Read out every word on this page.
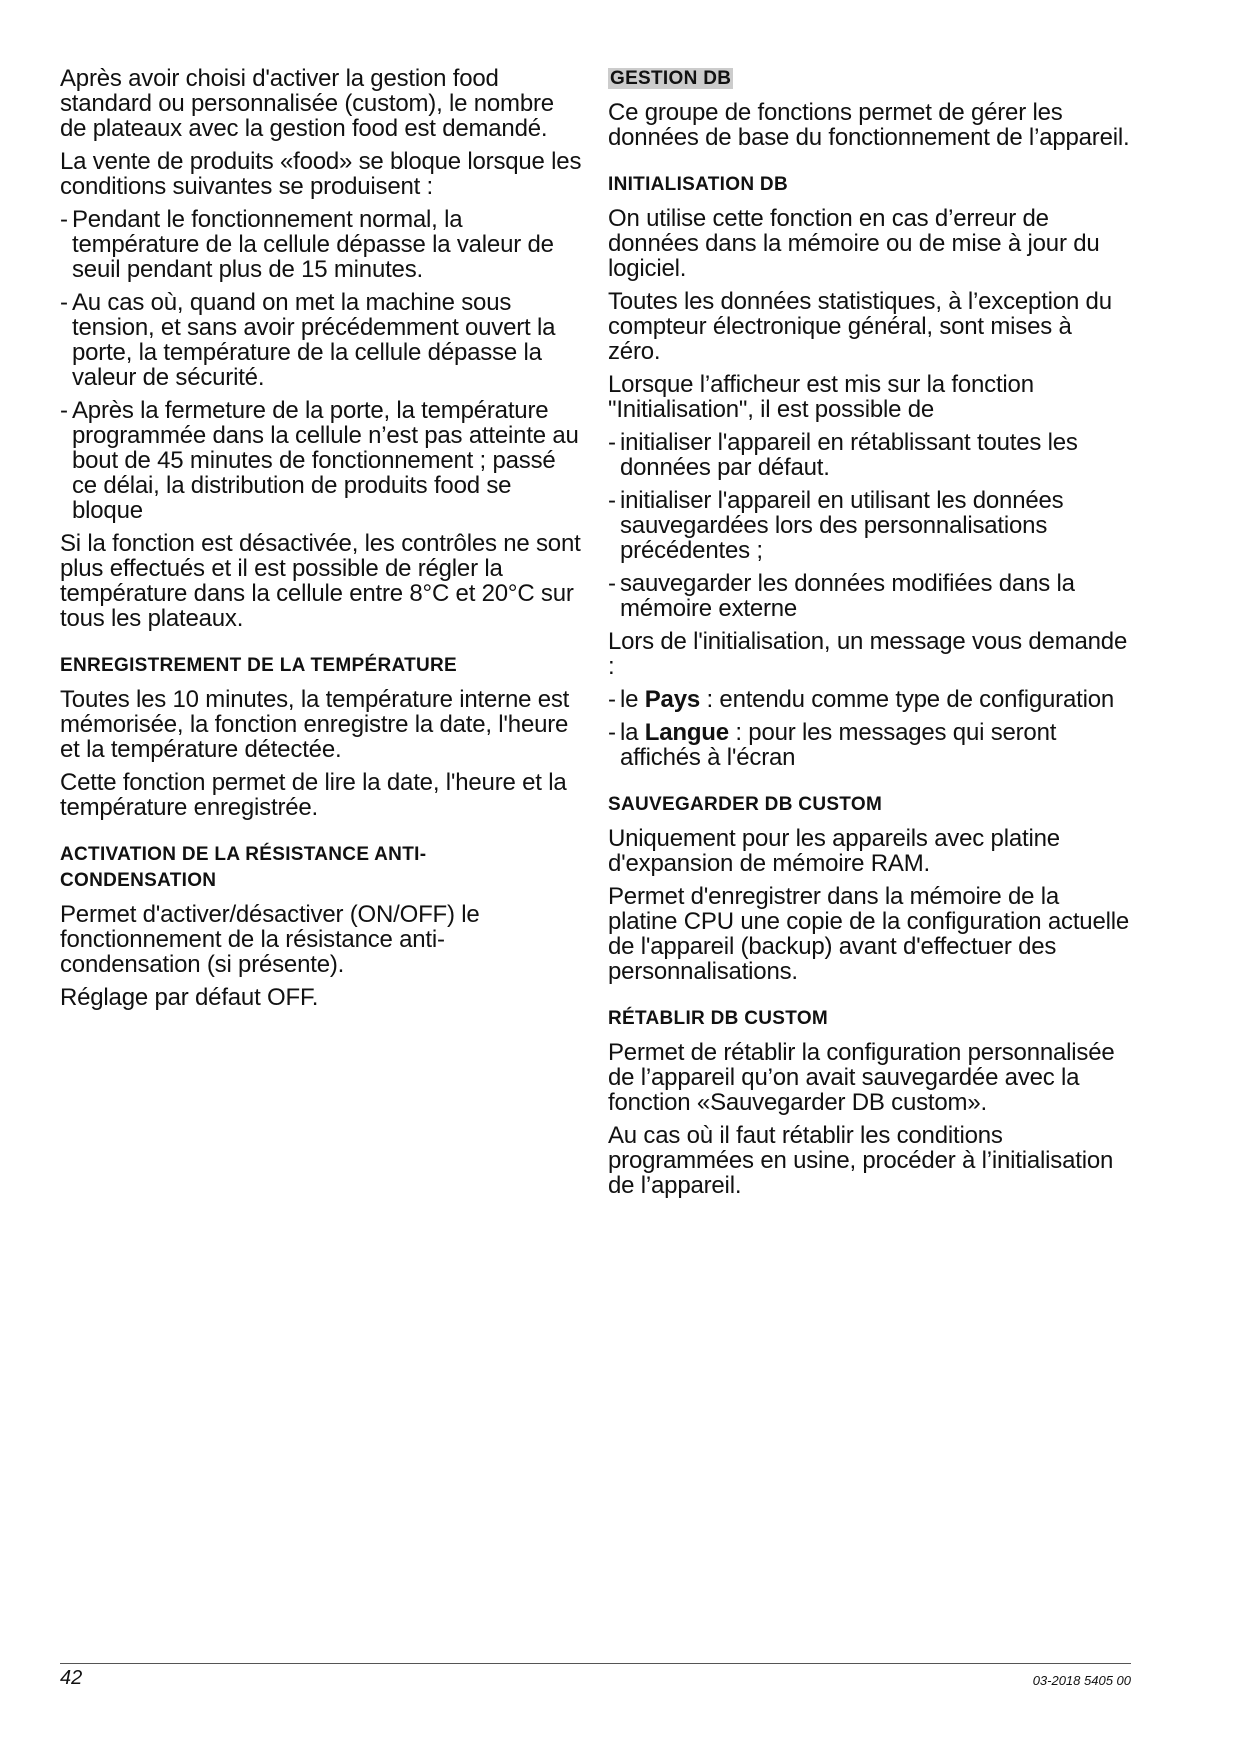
Après avoir choisi d'activer la gestion food standard ou personnalisée (custom), le nombre de plateaux avec la gestion food est demandé.

La vente de produits «food» se bloque lorsque les conditions suivantes se produisent :

- Pendant le fonctionnement normal, la température de la cellule dépasse la valeur de seuil pendant plus de 15 minutes.

- Au cas où, quand on met la machine sous tension, et sans avoir précédemment ouvert la porte, la température de la cellule dépasse la valeur de sécurité.

- Après la fermeture de la porte, la température programmée dans la cellule n’est pas atteinte au bout de 45 minutes de fonctionnement ; passé ce délai, la distribution de produits food se bloque

Si la fonction est désactivée, les contrôles ne sont plus effectués et il est possible de régler la température dans la cellule entre 8°C et 20°C sur tous les plateaux.

ENREGISTREMENT DE LA TEMPÉRATURE

Toutes les 10 minutes, la température interne est mémorisée, la fonction enregistre la date, l'heure et la température détectée.

Cette fonction permet de lire la date, l'heure et la température enregistrée.

ACTIVATION DE LA RÉSISTANCE ANTI-CONDENSATION

Permet d'activer/désactiver (ON/OFF) le fonctionnement de la résistance anti-condensation (si présente).

Réglage par défaut OFF.

GESTION DB

Ce groupe de fonctions permet de gérer les données de base du fonctionnement de l’appareil.

INITIALISATION DB

On utilise cette fonction en cas d’erreur de données dans la mémoire ou de mise à jour du logiciel.

Toutes les données statistiques, à l’exception du compteur électronique général, sont mises à zéro.

Lorsque l’afficheur est mis sur la fonction "Initialisation", il est possible de

- initialiser l'appareil en rétablissant toutes les données par défaut.

- initialiser l'appareil en utilisant les données sauvegardées lors des personnalisations précédentes ;

- sauvegarder les données modifiées dans la mémoire externe

Lors de l'initialisation, un message vous demande :

- le Pays : entendu comme type de configuration

- la Langue : pour les messages qui seront affichés à l'écran

SAUVEGARDER DB CUSTOM

Uniquement pour les appareils avec platine d'expansion de mémoire RAM.

Permet d'enregistrer dans la mémoire de la platine CPU une copie de la configuration actuelle de l'appareil (backup) avant d'effectuer des personnalisations.

RÉTABLIR DB CUSTOM

Permet de rétablir la configuration personnalisée de l’appareil qu’on avait sauvegardée avec la fonction «Sauvegarder DB custom».

Au cas où il faut rétablir les conditions programmées en usine, procéder à l’initialisation de l’appareil.

42	03-2018 5405 00
